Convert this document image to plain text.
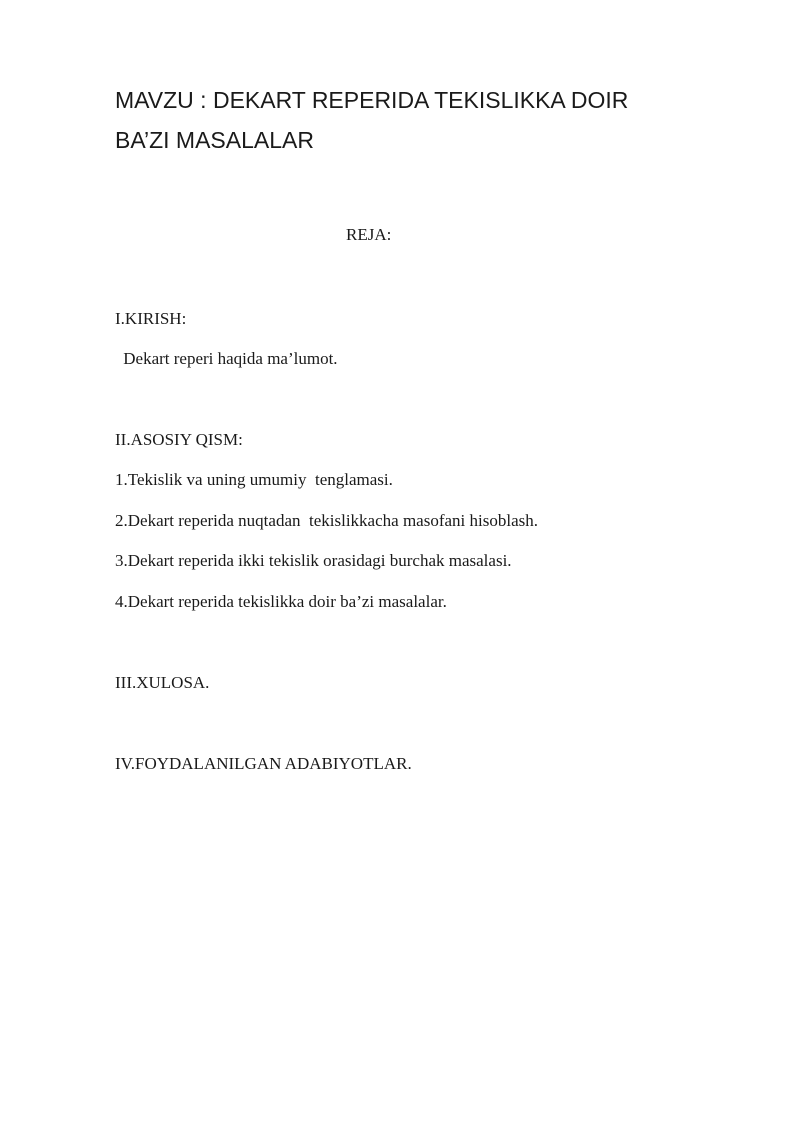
MAVZU : DEKART REPERIDA TEKISLIKKA DOIR
BA’ZI MASALALAR

REJA:

I.KIRISH:

Dekart reperi haqida ma’lumot.

II.ASOSIY QISM:

1.Tekislik va uning umumiy  tenglamasi.

2.Dekart reperida nuqtadan  tekislikkacha masofani hisoblash.

3.Dekart reperida ikki tekislik orasidagi burchak masalasi.

4.Dekart reperida tekislikka doir ba’zi masalalar.

III.XULOSA.

IV.FOYDALANILGAN ADABIYOTLAR.
